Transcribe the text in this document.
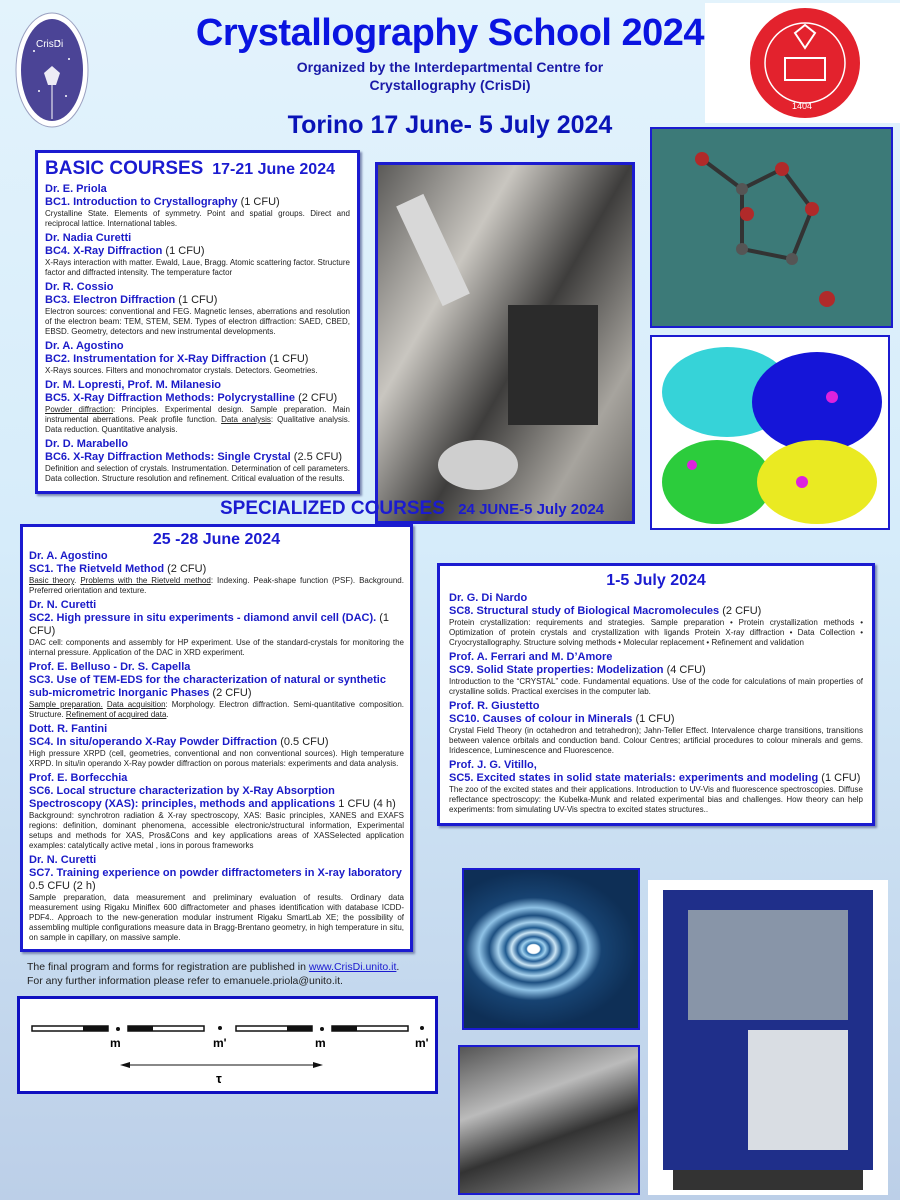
CrisDi	Crystallography School 2024
Organized by the Interdepartmental Centre for
Crystallography (CrisDi)
Torino 17 June- 5 July 2024
1404
BASIC COURSES 17-21 June 2024
Dr. E. Priola
BC1. Introduction to Crystallography (1 CFU)
Crystalline State. Elements of symmetry. Point and spatial groups. Direct and reciprocal lattice. International tables.
Dr. Nadia Curetti
BC4. X-Ray Diffraction (1 CFU)
X-Rays interaction with matter. Ewald, Laue, Bragg. Atomic scattering factor. Structure factor and diffracted intensity. The temperature factor
Dr. R. Cossio
BC3. Electron Diffraction (1 CFU)
Electron sources: conventional and FEG. Magnetic lenses, aberrations and resolution of the electron beam: TEM, STEM, SEM. Types of electron diffraction: SAED, CBED, EBSD. Geometry, detectors and new instrumental developments.
Dr. A. Agostino
BC2. Instrumentation for X-Ray Diffraction (1 CFU)
X-Rays sources. Filters and monochromator crystals. Detectors. Geometries.
Dr. M. Lopresti, Prof. M. Milanesio
BC5. X-Ray Diffraction Methods: Polycrystalline (2 CFU)
Powder diffraction: Principles. Experimental design. Sample preparation. Main instrumental aberrations. Peak profile function. Data analysis: Qualitative analysis. Data reduction. Quantitative analysis.
Dr. D. Marabello
BC6. X-Ray Diffraction Methods: Single Crystal (2.5 CFU)
Definition and selection of crystals. Instrumentation. Determination of cell parameters. Data collection. Structure resolution and refinement. Critical evaluation of the results.
SPECIALIZED COURSES 24 JUNE-5 July 2024
25 -28 June 2024
Dr. A. Agostino
SC1. The Rietveld Method (2 CFU)
Basic theory. Problems with the Rietveld method: Indexing. Peak-shape function (PSF). Background. Preferred orientation and texture.
Dr. N. Curetti
SC2. High pressure in situ experiments - diamond anvil cell (DAC). (1 CFU)
DAC cell: components and assembly for HP experiment. Use of the standard-crystals for monitoring the internal pressure. Application of the DAC in XRD experiment.
Prof. E. Belluso - Dr. S. Capella
SC3. Use of TEM-EDS for the characterization of natural or synthetic sub-micrometric Inorganic Phases (2 CFU)
Sample preparation. Data acquisition: Morphology. Electron diffraction. Semi-quantitative composition. Structure. Refinement of acquired data.
Dott. R. Fantini
SC4. In situ/operando X-Ray Powder Diffraction (0.5 CFU)
High pressure XRPD (cell, geometries, conventional and non conventional sources). High temperature XRPD. In situ/in operando X-Ray powder diffraction on porous materials: experiments and data analysis.
Prof. E. Borfecchia
SC6. Local structure characterization by X-Ray Absorption Spectroscopy (XAS): principles, methods and applications 1 CFU (4 h)
Background: synchrotron radiation & X-ray spectroscopy, XAS: Basic principles, XANES and EXAFS regions: definition, dominant phenomena, accessible electronic/structural information, Experimental setups and methods for XAS, Pros&Cons and key applications areas of XASSelected application examples: catalytically active metal , ions in porous frameworks
Dr. N. Curetti
SC7. Training experience on powder diffractometers in X-ray laboratory 0.5 CFU (2 h)
Sample preparation, data measurement and preliminary evaluation of results. Ordinary data measurement using Rigaku Miniflex 600 diffractometer and phases identification with database ICDD-PDF4.. Approach to the new-generation modular instrument Rigaku SmartLab XE; the possibility of assembling multiple configurations measure data in Bragg-Brentano geometry, in high temperature in situ, on sample in capillary, on massive sample.
The final program and forms for registration are published in www.CrisDi.unito.it.
For any further information please refer to emanuele.priola@unito.it.
m	m'	m	m'
τ
1-5 July 2024
Dr. G. Di Nardo
SC8. Structural study of Biological Macromolecules (2 CFU)
Protein crystallization: requirements and strategies. Sample preparation • Protein crystallization methods • Optimization of protein crystals and crystallization with ligands Protein X-ray diffraction • Data Collection • Cryocrystallography. Structure solving methods • Molecular replacement • Refinement and validation
Prof. A. Ferrari and M. D’Amore
SC9. Solid State properties: Modelization (4 CFU)
Introduction to the “CRYSTAL” code. Fundamental equations. Use of the code for calculations of main properties of crystalline solids. Practical exercises in the computer lab.
Prof. R. Giustetto
SC10. Causes of colour in Minerals (1 CFU)
Crystal Field Theory (in octahedron and tetrahedron); Jahn-Teller Effect. Intervalence charge transitions, transitions between valence orbitals and conduction band. Colour Centres; artificial procedures to colour minerals and gems. Iridescence, Luminescence and Fluorescence.
Prof. J. G. Vitillo,
SC5. Excited states in solid state materials: experiments and modeling (1 CFU)
The zoo of the excited states and their applications. Introduction to UV-Vis and fluorescence spectroscopies. Diffuse reflectance spectroscopy: the Kubelka-Munk and related experimental bias and challenges. How theory can help experiments: from simulating UV-Vis spectra to excited states structures..
